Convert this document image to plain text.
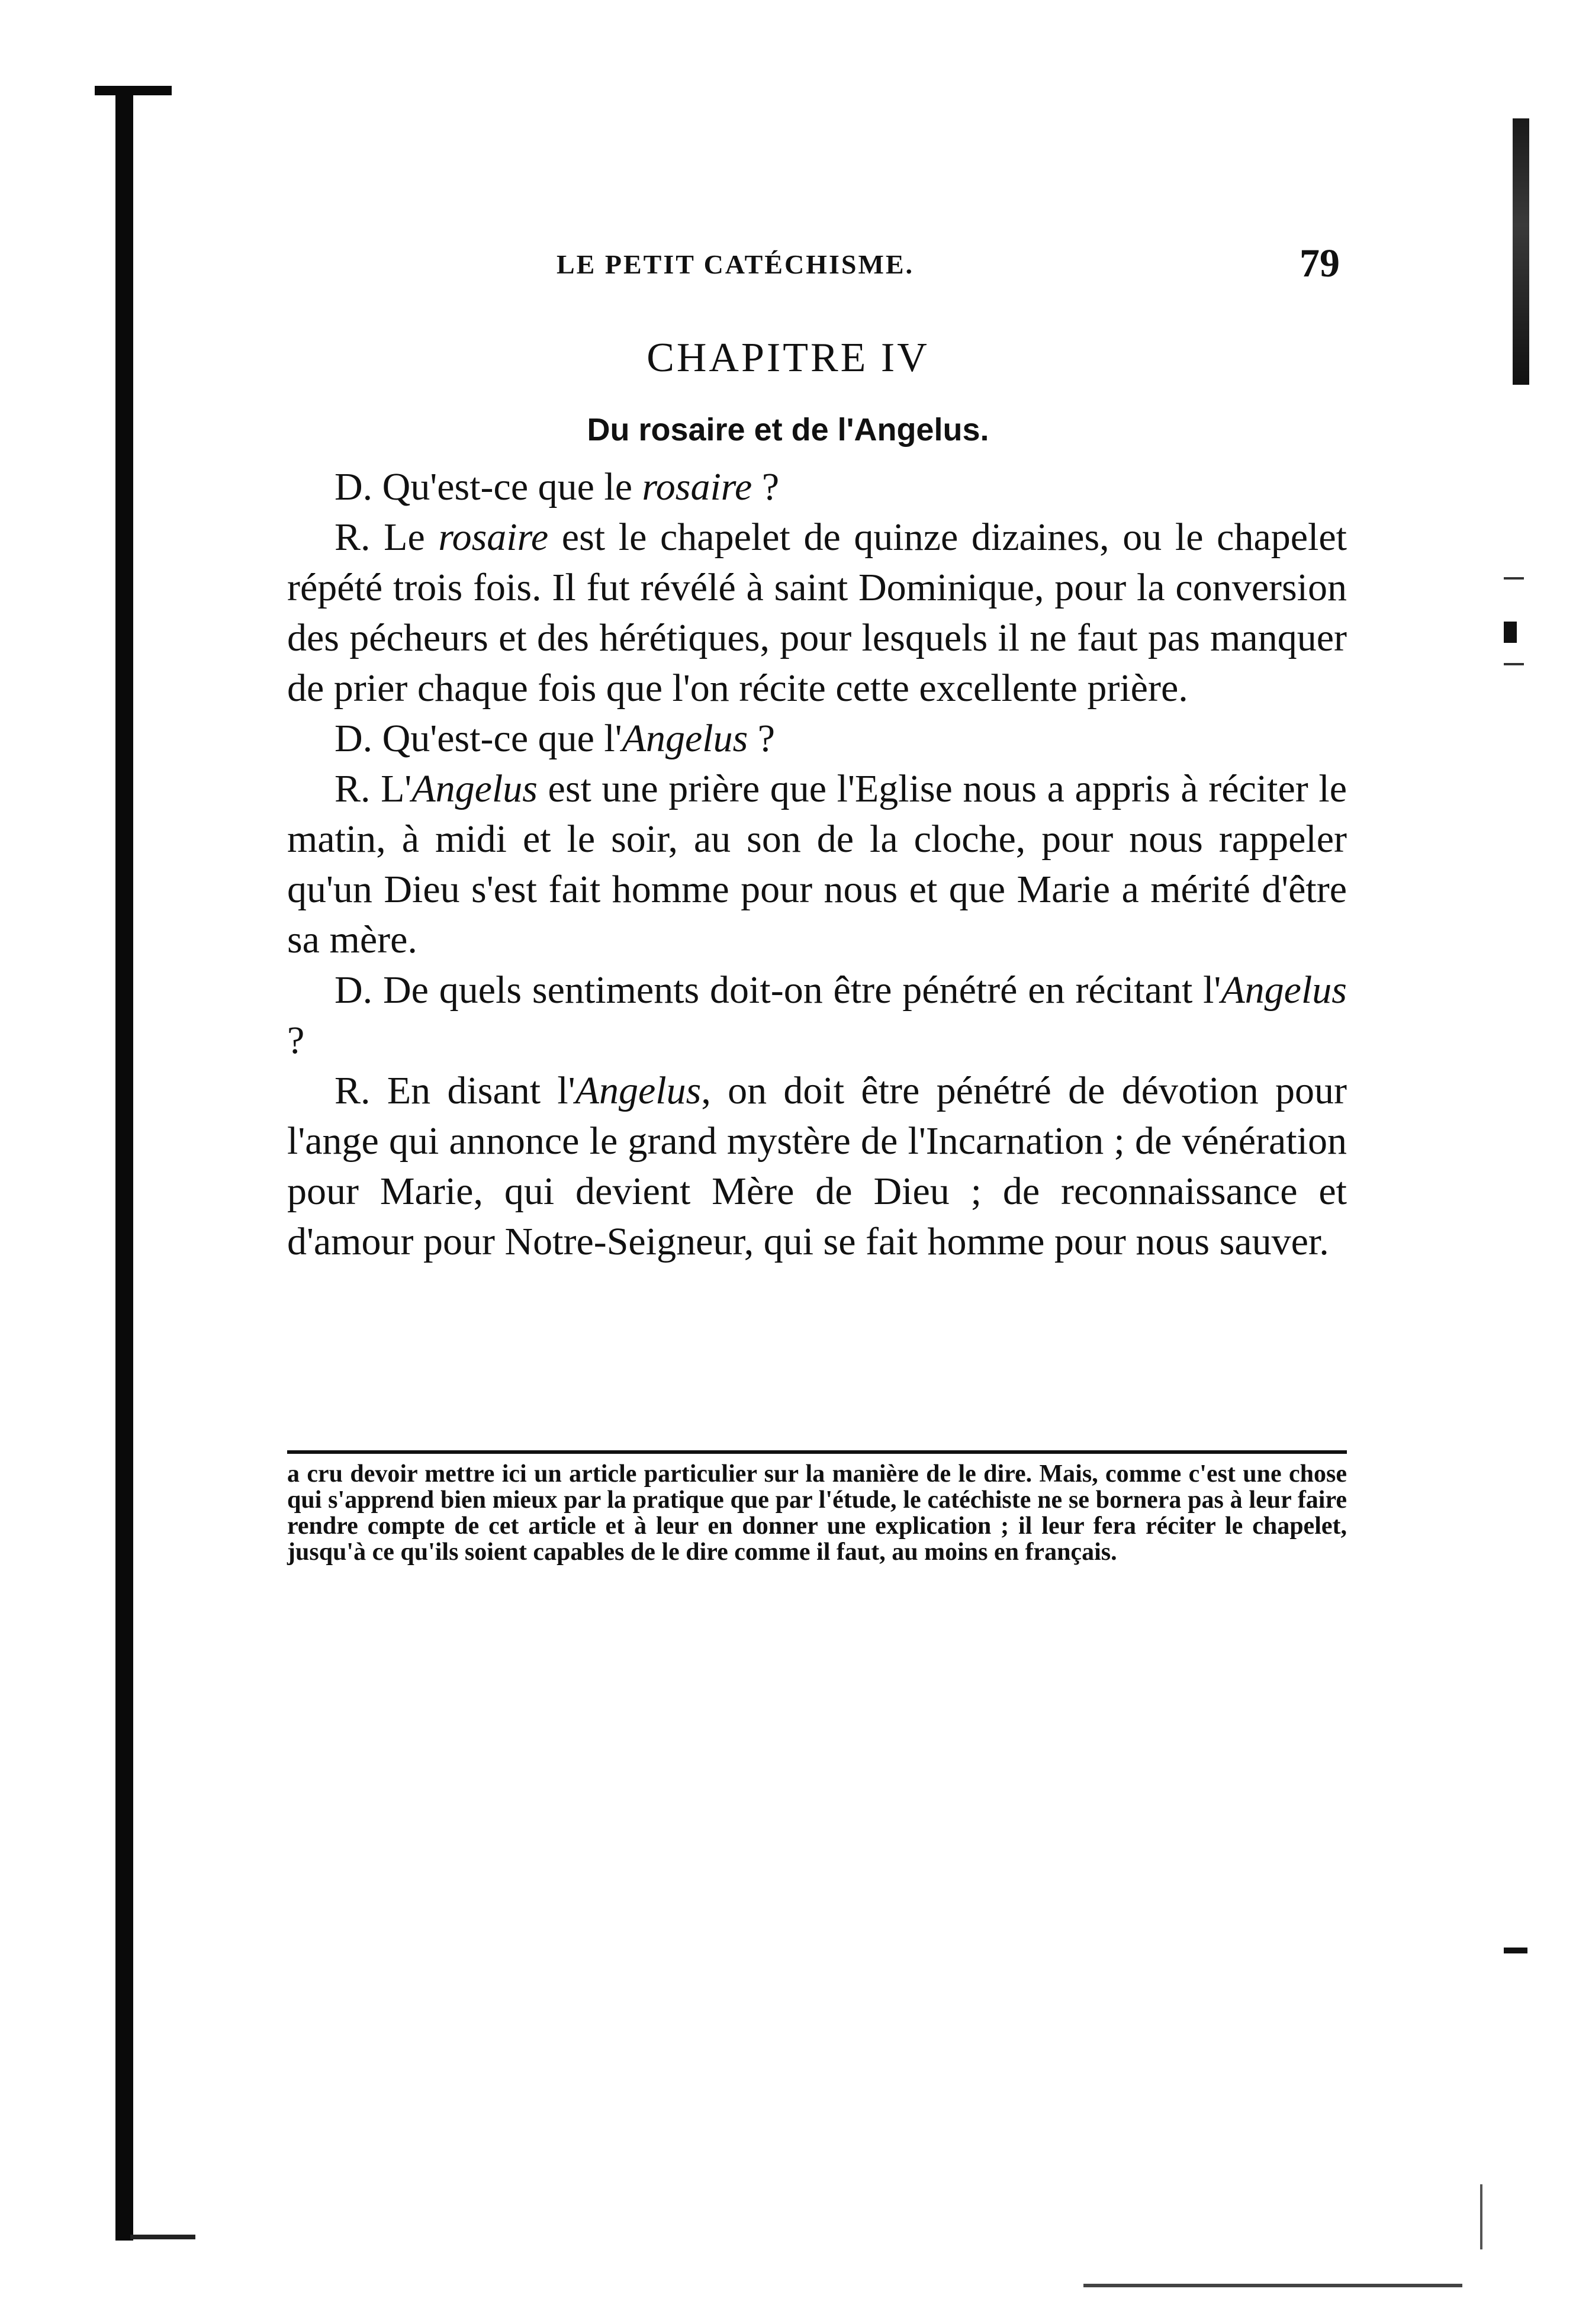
LE PETIT CATÉCHISME.	79
CHAPITRE IV
Du rosaire et de l'Angelus.

D. Qu'est-ce que le rosaire ?

R. Le rosaire est le chapelet de quinze dizaines, ou le chapelet répété trois fois. Il fut révélé à saint Dominique, pour la conversion des pécheurs et des hérétiques, pour lesquels il ne faut pas manquer de prier chaque fois que l'on récite cette excellente prière.

D. Qu'est-ce que l'Angelus ?

R. L'Angelus est une prière que l'Eglise nous a appris à réciter le matin, à midi et le soir, au son de la cloche, pour nous rappeler qu'un Dieu s'est fait homme pour nous et que Marie a mérité d'être sa mère.

D. De quels sentiments doit-on être pénétré en récitant l'Angelus ?

R. En disant l'Angelus, on doit être pénétré de dévotion pour l'ange qui annonce le grand mystère de l'Incarnation ; de vénération pour Marie, qui devient Mère de Dieu ; de reconnaissance et d'amour pour Notre-Seigneur, qui se fait homme pour nous sauver.

a cru devoir mettre ici un article particulier sur la manière de le dire. Mais, comme c'est une chose qui s'apprend bien mieux par la pratique que par l'étude, le catéchiste ne se bornera pas à leur faire rendre compte de cet article et à leur en donner une explication ; il leur fera réciter le chapelet, jusqu'à ce qu'ils soient capables de le dire comme il faut, au moins en français.
